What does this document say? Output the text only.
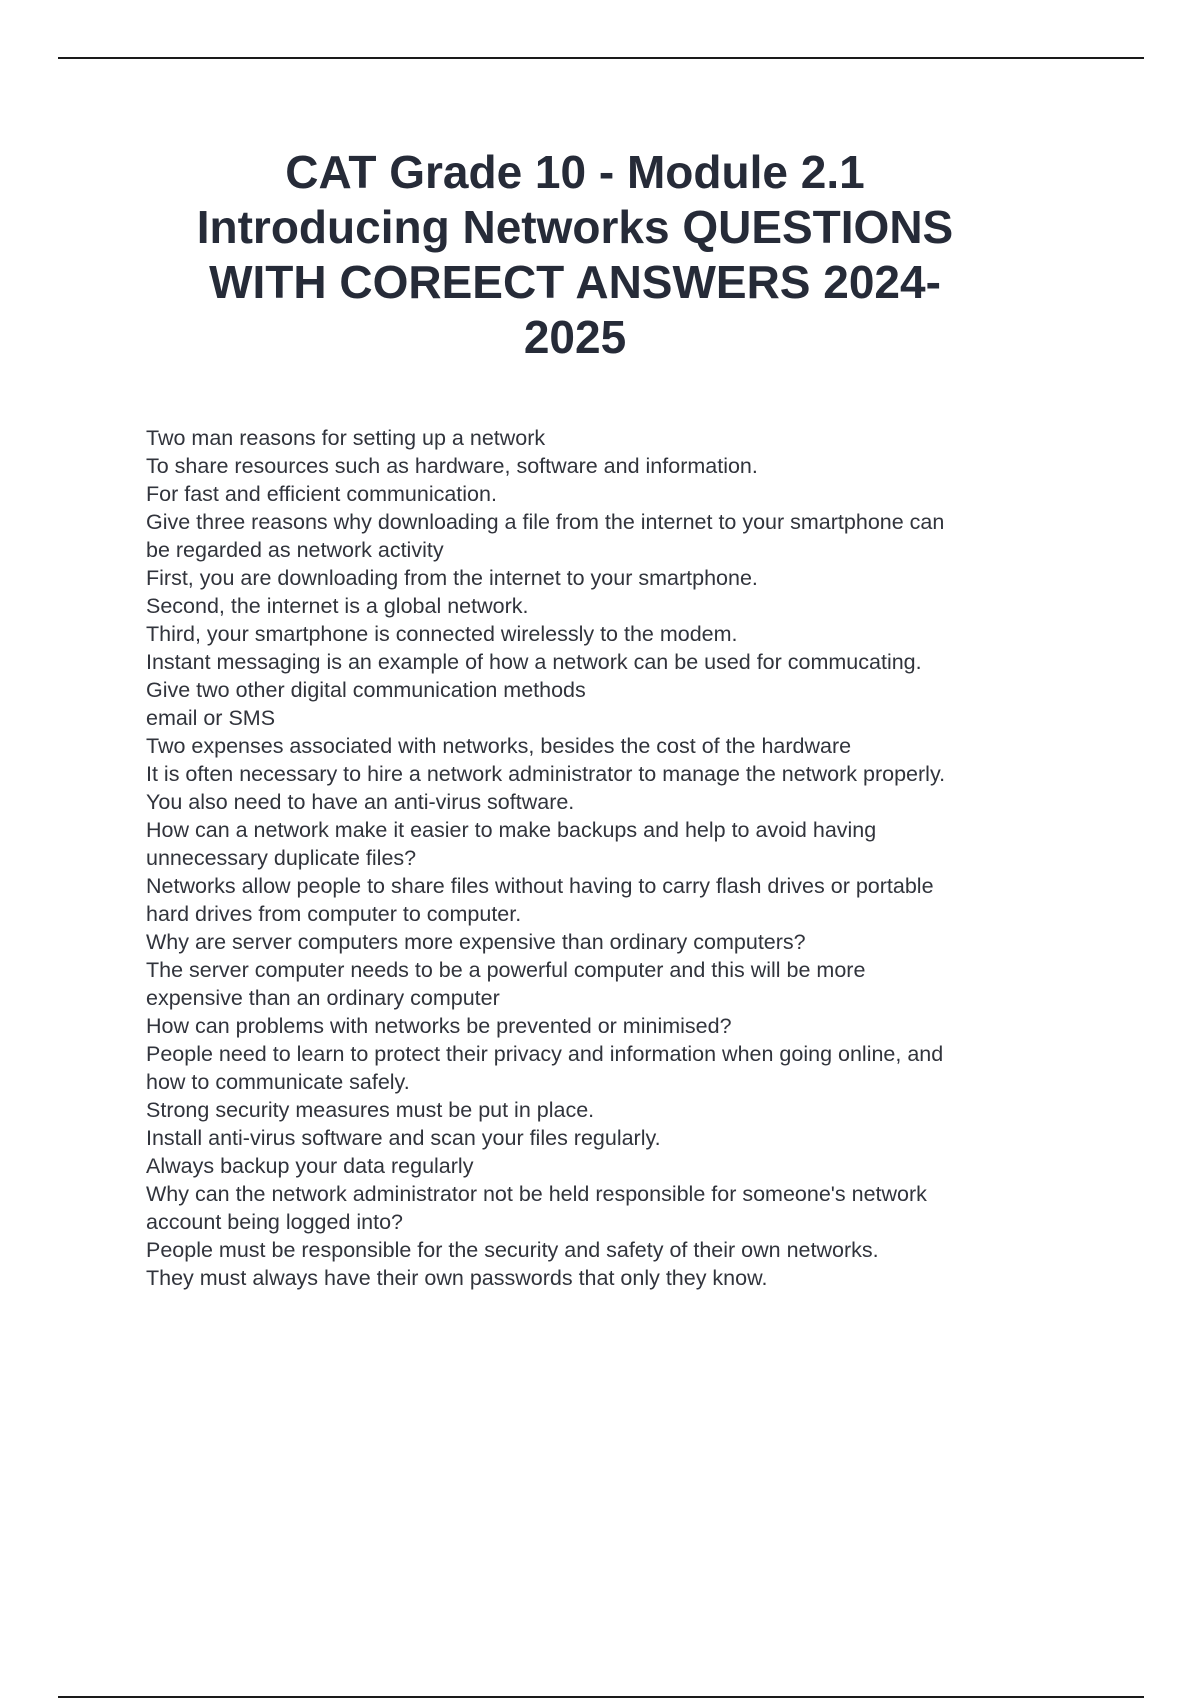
CAT Grade 10 - Module 2.1
Introducing Networks QUESTIONS
WITH COREECT ANSWERS 2024-
2025
Two man reasons for setting up a network
To share resources such as hardware, software and information.
For fast and efficient communication.
Give three reasons why downloading a file from the internet to your smartphone can
be regarded as network activity
First, you are downloading from the internet to your smartphone.
Second, the internet is a global network.
Third, your smartphone is connected wirelessly to the modem.
Instant messaging is an example of how a network can be used for commucating.
Give two other digital communication methods
email or SMS
Two expenses associated with networks, besides the cost of the hardware
It is often necessary to hire a network administrator to manage the network properly.
You also need to have an anti-virus software.
How can a network make it easier to make backups and help to avoid having
unnecessary duplicate files?
Networks allow people to share files without having to carry flash drives or portable
hard drives from computer to computer.
Why are server computers more expensive than ordinary computers?
The server computer needs to be a powerful computer and this will be more
expensive than an ordinary computer
How can problems with networks be prevented or minimised?
People need to learn to protect their privacy and information when going online, and
how to communicate safely.
Strong security measures must be put in place.
Install anti-virus software and scan your files regularly.
Always backup your data regularly
Why can the network administrator not be held responsible for someone's network
account being logged into?
People must be responsible for the security and safety of their own networks.
They must always have their own passwords that only they know.
